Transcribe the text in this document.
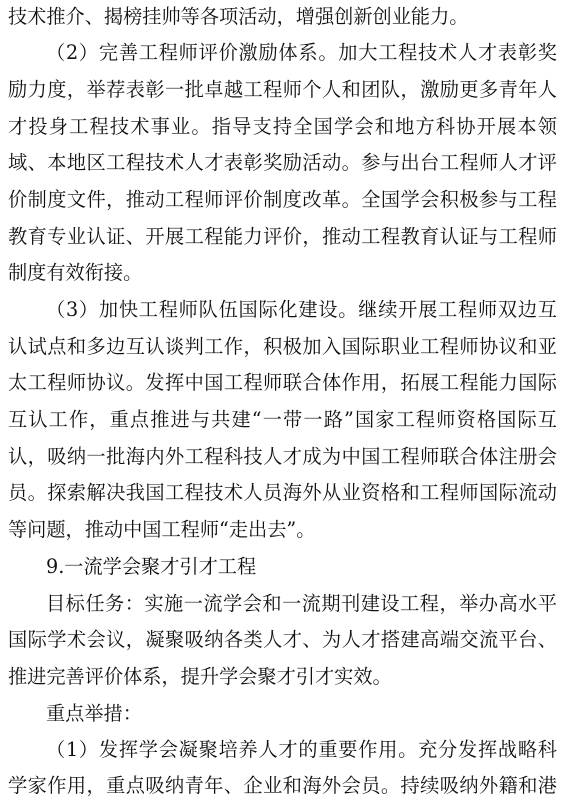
技术推介、揭榜挂帅等各项活动，增强创新创业能力。
（2）完善工程师评价激励体系。加大工程技术人才表彰奖
励力度，举荐表彰一批卓越工程师个人和团队，激励更多青年人
才投身工程技术事业。指导支持全国学会和地方科协开展本领
域、本地区工程技术人才表彰奖励活动。参与出台工程师人才评
价制度文件，推动工程师评价制度改革。全国学会积极参与工程
教育专业认证、开展工程能力评价，推动工程教育认证与工程师
制度有效衔接。
（3）加快工程师队伍国际化建设。继续开展工程师双边互
认试点和多边互认谈判工作，积极加入国际职业工程师协议和亚
太工程师协议。发挥中国工程师联合体作用，拓展工程能力国际
互认工作，重点推进与共建“一带一路”国家工程师资格国际互
认，吸纳一批海内外工程科技人才成为中国工程师联合体注册会
员。探索解决我国工程技术人员海外从业资格和工程师国际流动
等问题，推动中国工程师“走出去”。
9.一流学会聚才引才工程
目标任务：实施一流学会和一流期刊建设工程，举办高水平
国际学术会议，凝聚吸纳各类人才、为人才搭建高端交流平台、
推进完善评价体系，提升学会聚才引才实效。
重点举措：
（1）发挥学会凝聚培养人才的重要作用。充分发挥战略科
学家作用，重点吸纳青年、企业和海外会员。持续吸纳外籍和港
